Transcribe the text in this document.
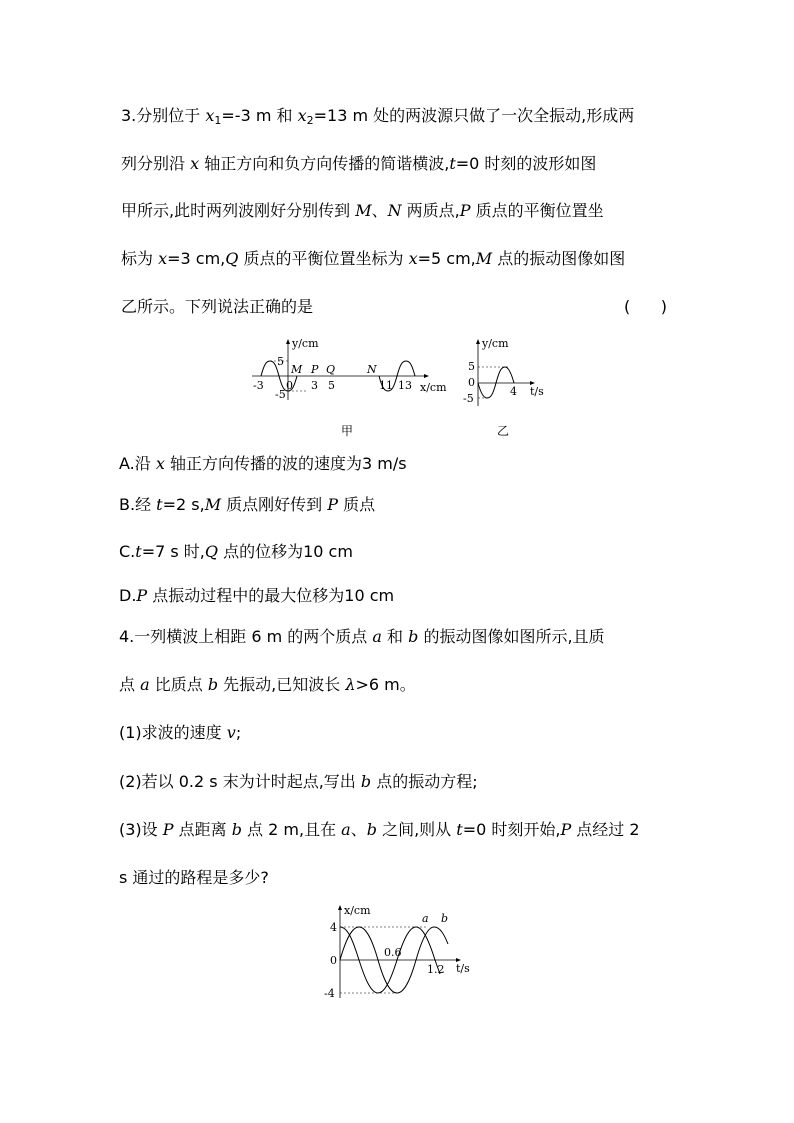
3.分别位于 $x_1=-3$ m 和 $x_2=13$ m 处的两波源只做了一次全振动,形成两
列分别沿 x 轴正方向和负方向传播的简谐横波,t=0 时刻的波形如图
甲所示,此时两列波刚好分别传到 M、N 两质点,P 质点的平衡位置坐
标为 x=3 cm,Q 质点的平衡位置坐标为 x=5 cm,M 点的振动图像如图
乙所示。下列说法正确的是	(      )
y/cm
x/cm
5
-5
M P Q	N
-3 0 3 5	11 13
甲
y/cm
t/s
5
0
-5
4
乙
A.沿 x 轴正方向传播的波的速度为3 m/s
B.经 t=2 s,M 质点刚好传到 P 质点
C.t=7 s 时,Q 点的位移为10 cm
D.P 点振动过程中的最大位移为10 cm
4.一列横波上相距 6 m 的两个质点 a 和 b 的振动图像如图所示,且质
点 a 比质点 b 先振动,已知波长 λ>6 m。
(1)求波的速度 v;
(2)若以 0.2 s 末为计时起点,写出 b 点的振动方程;
(3)设 P 点距离 b 点 2 m,且在 a、b 之间,则从 t=0 时刻开始,P 点经过 2
s 通过的路程是多少?
x/cm
t/s
4
0
-4
0.6
1.2
a b
